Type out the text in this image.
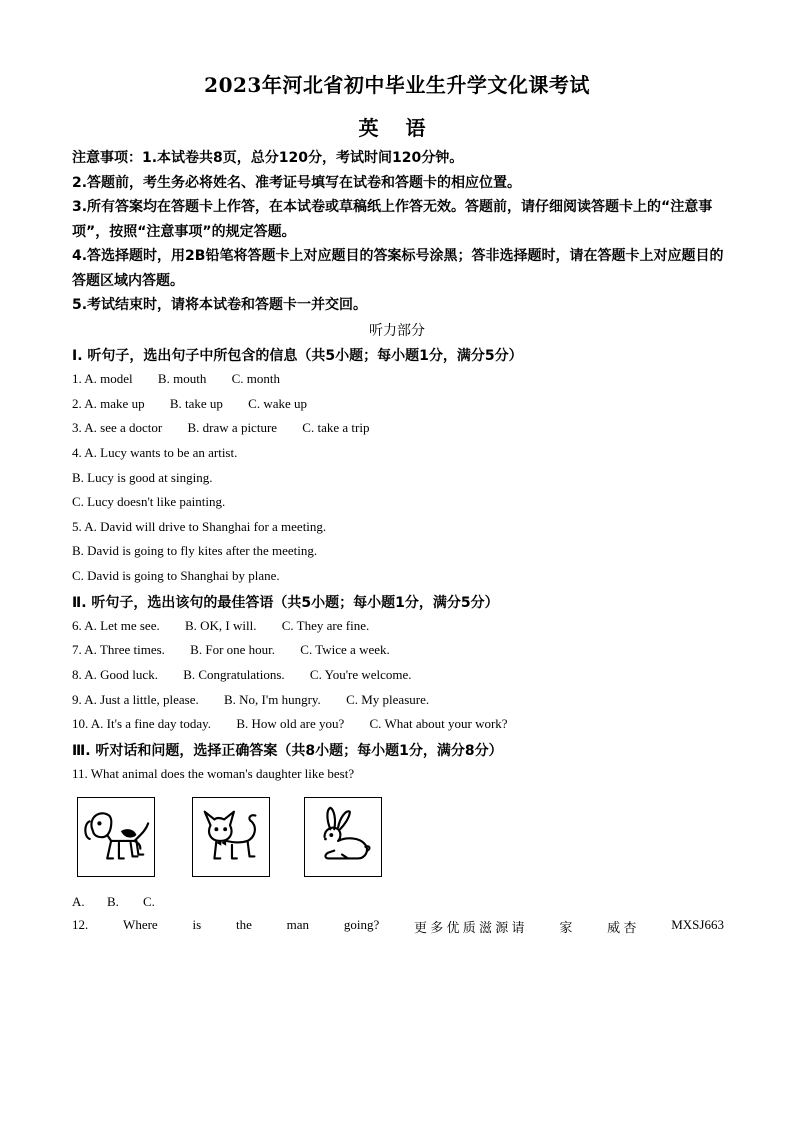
2023年河北省初中毕业生升学文化课考试
英 语
注意事项：1.本试卷共8页，总分120分，考试时间120分钟。
2.答题前，考生务必将姓名、准考证号填写在试卷和答题卡的相应位置。
3.所有答案均在答题卡上作答，在本试卷或草稿纸上作答无效。答题前，请仔细阅读答题卡上的“注意事项”，按照“注意事项”的规定答题。
4.答选择题时，用2B铅笔将答题卡上对应题目的答案标号涂黑；答非选择题时，请在答题卡上对应题目的答题区域内答题。
5.考试结束时，请将本试卷和答题卡一并交回。
听力部分
Ⅰ. 听句子，选出句子中所包含的信息（共5小题；每小题1分，满分5分）
1. A. model B. mouth C. month
2. A. make up B. take up C. wake up
3. A. see a doctor B. draw a picture C. take a trip
4. A. Lucy wants to be an artist.
B. Lucy is good at singing.
C. Lucy doesn't like painting.
5. A. David will drive to Shanghai for a meeting.
B. David is going to fly kites after the meeting.
C. David is going to Shanghai by plane.
Ⅱ. 听句子，选出该句的最佳答语（共5小题；每小题1分，满分5分）
6. A. Let me see. B. OK, I will. C. They are fine.
7. A. Three times. B. For one hour. C. Twice a week.
8. A. Good luck. B. Congratulations. C. You're welcome.
9. A. Just a little, please. B. No, I'm hungry. C. My pleasure.
10. A. It's a fine day today. B. How old are you? C. What about your work?
Ⅲ. 听对话和问题，选择正确答案（共8小题；每小题1分，满分8分）
11. What animal does the woman's daughter like best?
A. B. C.
12.	Where	is	the	man	going?	更 多 优 质 滋 源 请	家	威 杏	MXSJ663
